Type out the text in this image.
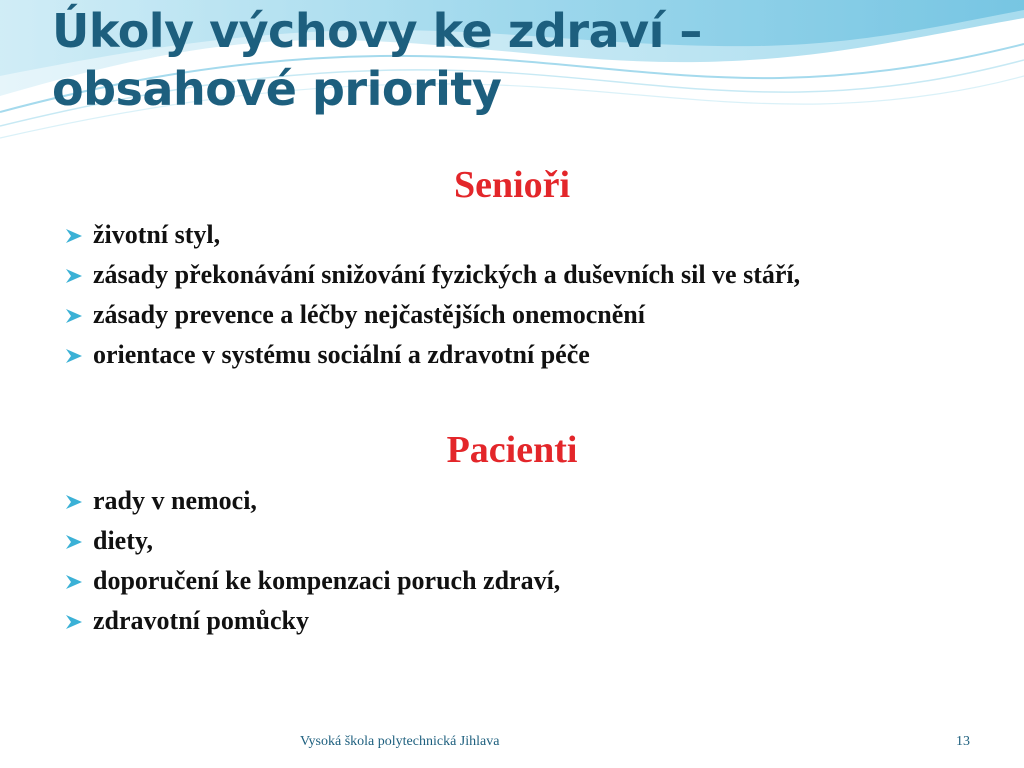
Úkoly výchovy ke zdraví –
obsahové priority
Senioři
životní styl,
zásady překonávání snižování fyzických a duševních sil ve stáří,
zásady prevence a léčby nejčastějších onemocnění
orientace v systému sociální a zdravotní péče
Pacienti
rady v nemoci,
diety,
doporučení ke kompenzaci poruch zdraví,
zdravotní pomůcky
Vysoká škola polytechnická Jihlava	13
